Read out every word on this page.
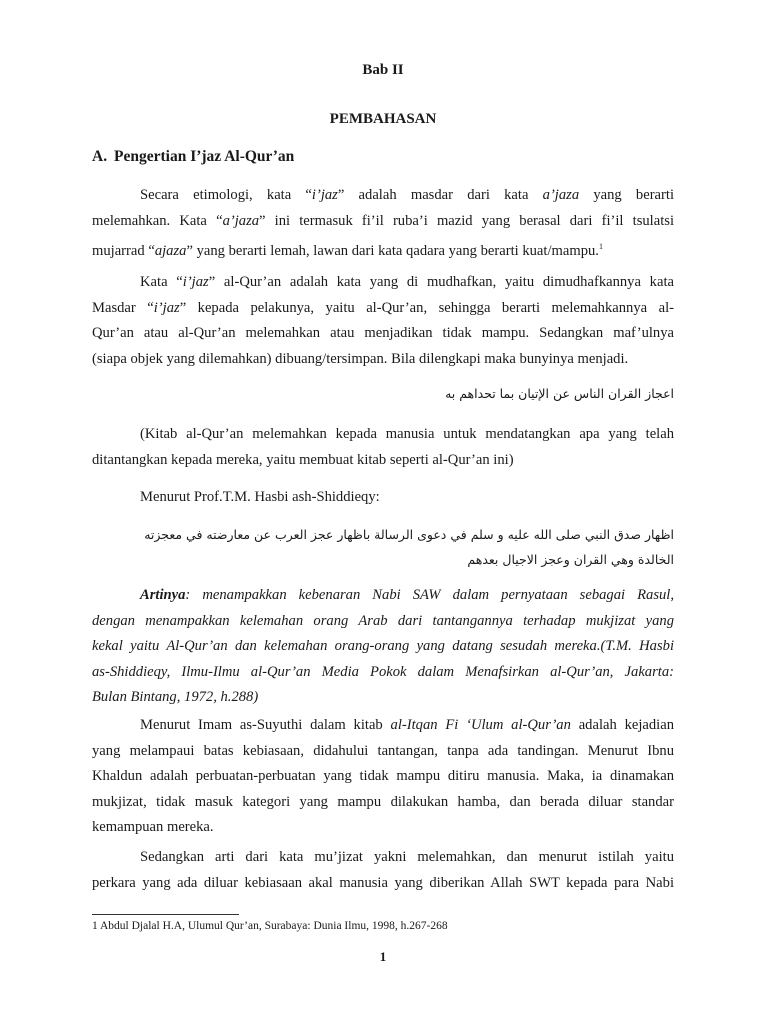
Bab II

PEMBAHASAN

A. Pengertian I’jaz Al-Qur’an

Secara etimologi, kata “i’jaz” adalah masdar dari kata a’jaza yang berarti
melemahkan. Kata “a’jaza” ini termasuk fi’il ruba’i mazid yang berasal dari fi’il tsulatsi
mujarrad “ajaza” yang berarti lemah, lawan dari kata qadara yang berarti kuat/mampu.$^1$
Kata “i’jaz” al-Qur’an adalah kata yang di mudhafkan, yaitu dimudhafkannya kata
Masdar “i’jaz” kepada pelakunya, yaitu al-Qur’an, sehingga berarti melemahkannya al-
Qur’an atau al-Qur’an melemahkan atau menjadikan tidak mampu. Sedangkan maf’ulnya
(siapa objek yang dilemahkan) dibuang/tersimpan. Bila dilengkapi maka bunyinya menjadi.
اعجاز القران الناس عن الإتيان بما تحداهم به
(Kitab al-Qur’an melemahkan kepada manusia untuk mendatangkan apa yang telah
ditantangkan kepada mereka, yaitu membuat kitab seperti al-Qur’an ini)
Menurut Prof.T.M. Hasbi ash-Shiddieqy:
اظهار صدق النبي صلى الله عليه و سلم في دعوى الرسالة باظهار عجز العرب عن معارضته في معجزته
الخالدة وهي القران وعجز الاجيال بعدهم
Artinya: menampakkan kebenaran Nabi SAW dalam pernyataan sebagai Rasul,
dengan menampakkan kelemahan orang Arab dari tantangannya terhadap mukjizat yang
kekal yaitu Al-Qur’an dan kelemahan orang-orang yang datang sesudah mereka.(T.M. Hasbi
as-Shiddieqy, Ilmu-Ilmu al-Qur’an Media Pokok dalam Menafsirkan al-Qur’an, Jakarta:
Bulan Bintang, 1972, h.288)
Menurut Imam as-Suyuthi dalam kitab al-Itqan Fi ‘Ulum al-Qur’an adalah kejadian
yang melampaui batas kebiasaan, didahului tantangan, tanpa ada tandingan. Menurut Ibnu
Khaldun adalah perbuatan-perbuatan yang tidak mampu ditiru manusia. Maka, ia dinamakan
mukjizat, tidak masuk kategori yang mampu dilakukan hamba, dan berada diluar standar
kemampuan mereka.
Sedangkan arti dari kata mu’jizat yakni melemahkan, dan menurut istilah yaitu
perkara yang ada diluar kebiasaan akal manusia yang diberikan Allah SWT kepada para Nabi

1 Abdul Djalal H.A, Ulumul Qur’an, Surabaya: Dunia Ilmu, 1998, h.267-268

1
